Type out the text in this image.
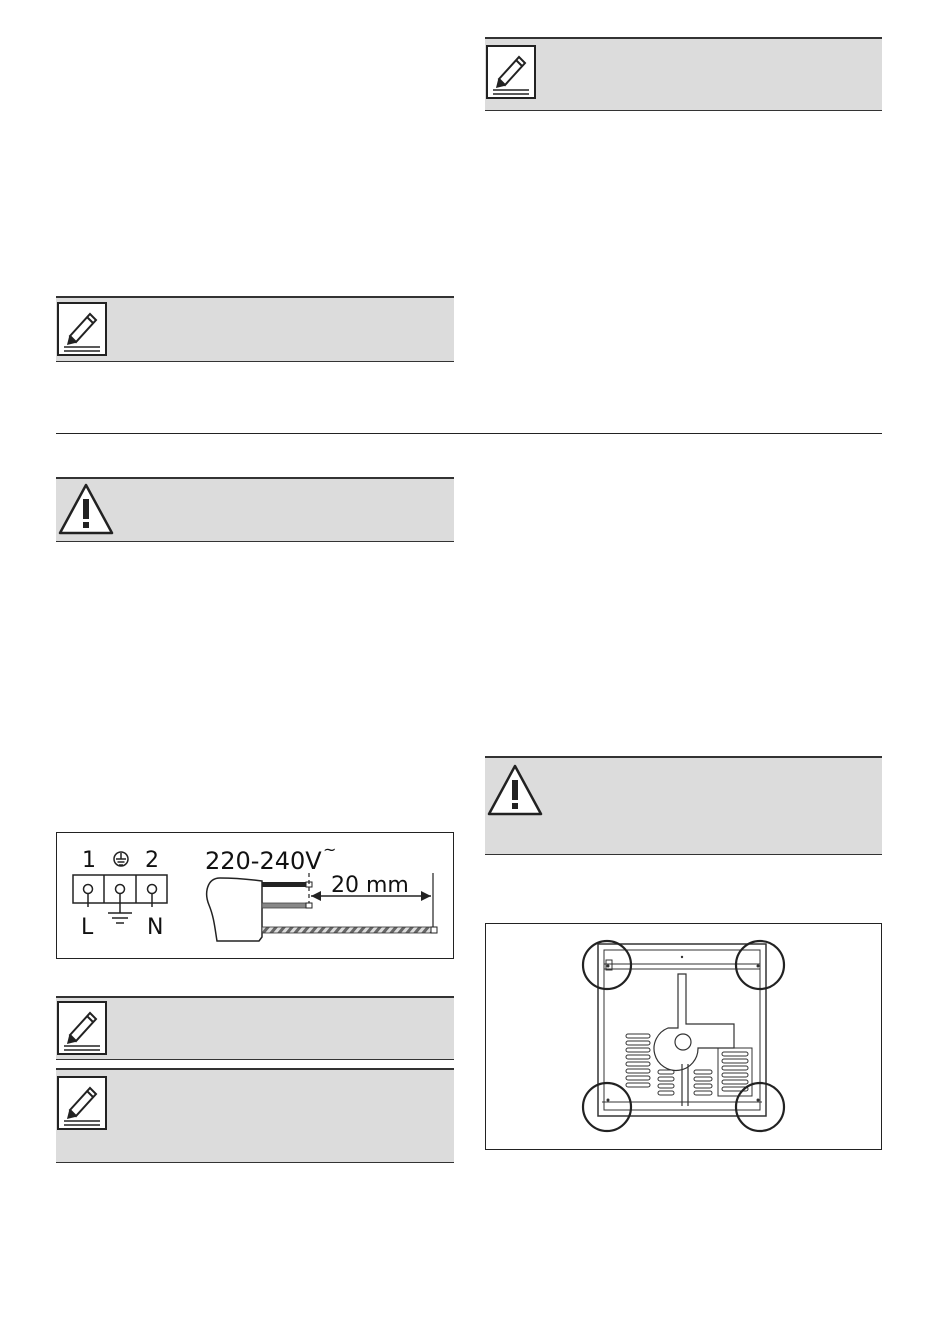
1 2
L N
220-240V ~
20 mm
